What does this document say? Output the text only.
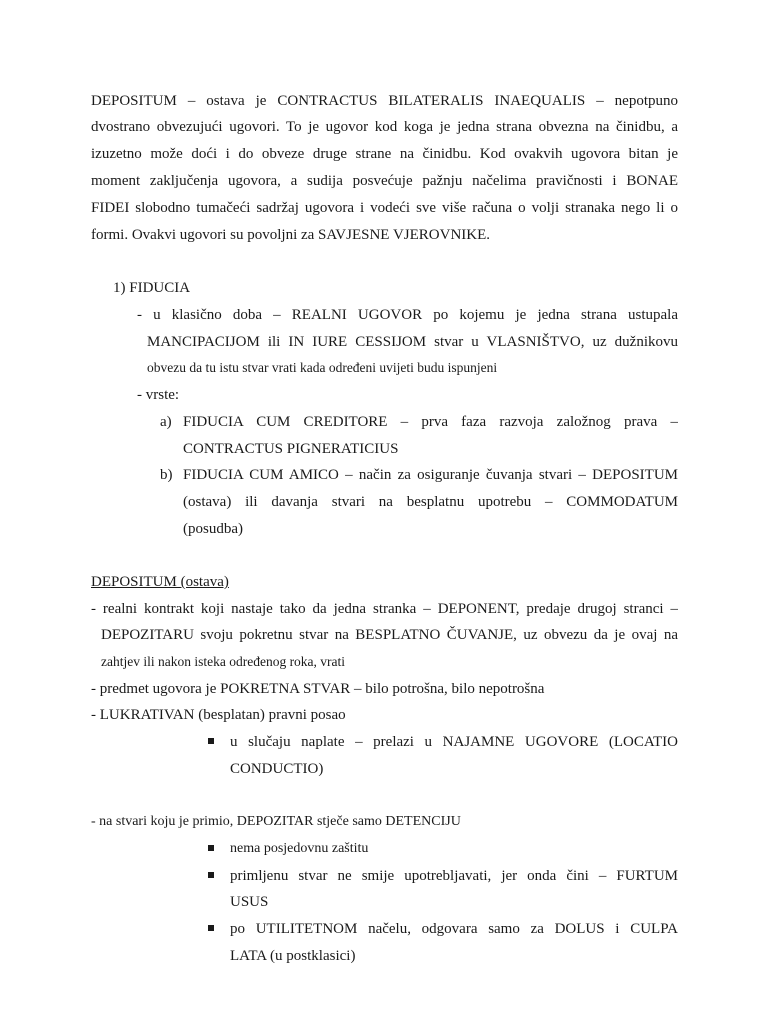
DEPOSITUM – ostava je CONTRACTUS BILATERALIS INAEQUALIS – nepotpuno
dvostrano obvezujući ugovori. To je ugovor kod koga je jedna strana obvezna na činidbu, a
izuzetno može doći i do obveze druge strane na činidbu. Kod ovakvih ugovora bitan je
moment zaključenja ugovora, a sudija posvećuje pažnju načelima pravičnosti i BONAE
FIDEI slobodno tumačeći sadržaj ugovora i vodeći sve više računa o volji stranaka nego li o
formi. Ovakvi ugovori su povoljni za SAVJESNE VJEROVNIKE.
1) FIDUCIA
- u klasično doba – REALNI UGOVOR po kojemu je jedna strana ustupala
MANCIPACIJOM ili IN IURE CESSIJOM stvar u VLASNIŠTVO, uz dužnikovu
obvezu da tu istu stvar vrati kada određeni uvijeti budu ispunjeni
- vrste:
a) FIDUCIA CUM CREDITORE – prva faza razvoja založnog prava –
CONTRACTUS PIGNERATICIUS
b) FIDUCIA CUM AMICO – način za osiguranje čuvanja stvari – DEPOSITUM
(ostava) ili davanja stvari na besplatnu upotrebu – COMMODATUM
(posudba)
DEPOSITUM (ostava)
- realni kontrakt koji nastaje tako da jedna stranka – DEPONENT, predaje drugoj stranci –
DEPOZITARU svoju pokretnu stvar na BESPLATNO ČUVANJE, uz obvezu da je ovaj na
zahtjev ili nakon isteka određenog roka, vrati
- predmet ugovora je POKRETNA STVAR – bilo potrošna, bilo nepotrošna
- LUKRATIVAN (besplatan) pravni posao
u slučaju naplate – prelazi u NAJAMNE UGOVORE (LOCATIO
CONDUCTIO)
- na stvari koju je primio, DEPOZITAR stječe samo DETENCIJU
nema posjedovnu zaštitu
primljenu stvar ne smije upotrebljavati, jer onda čini – FURTUM
USUS
po UTILITETNOM načelu, odgovara samo za DOLUS i CULPA
LATA (u postklasici)
